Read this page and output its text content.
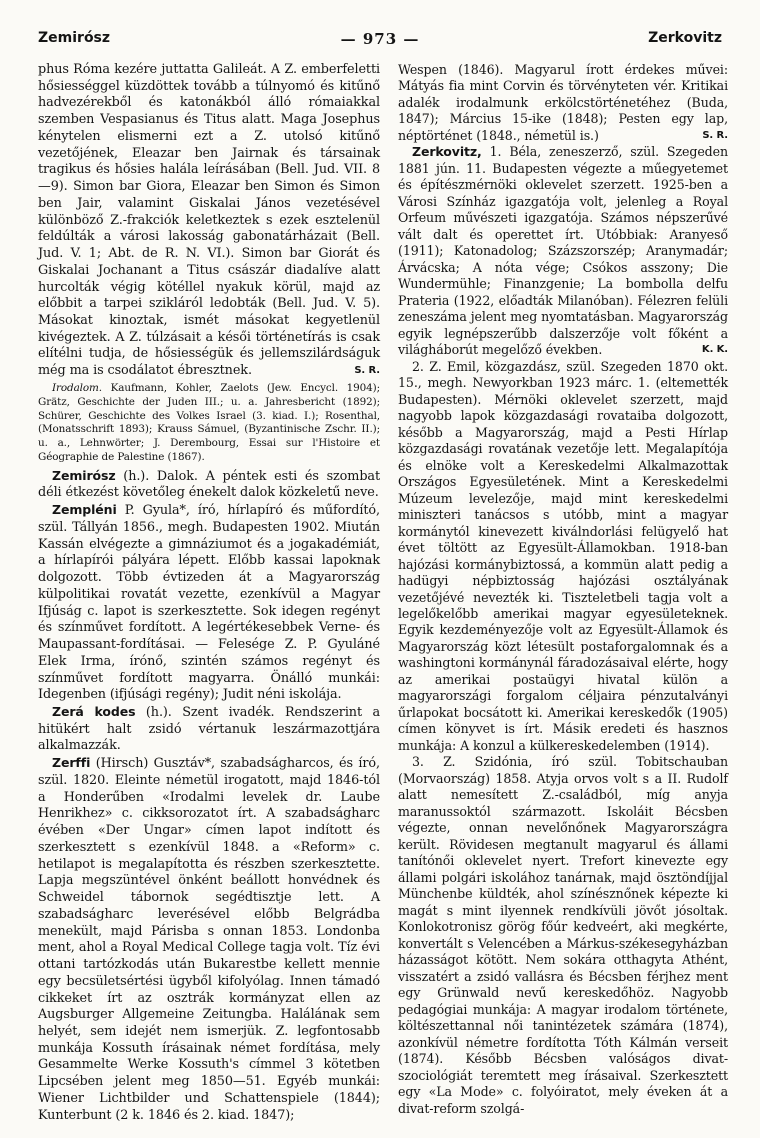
Zemirósz	— 973 —	Zerkovitz

phus Róma kezére juttatta Galileát. A Z. emberfeletti hősiességgel küzdöttek tovább a túlnyomó és kitűnő hadvezérekből és katonákból álló rómaiakkal szemben Vespasianus és Titus alatt. Maga Josephus kénytelen elismerni ezt a Z. utolsó kitűnő vezetőjének, Eleazar ben Jairnak és társainak tragikus és hősies halála leírásában (Bell. Jud. VII. 8—9). Simon bar Giora, Eleazar ben Simon és Simon ben Jair, valamint Giskalai János vezetésével különböző Z.-frakciók keletkeztek s ezek esztelenül feldúlták a városi lakosság gabonatárházait (Bell. Jud. V. 1; Abt. de R. N. VI.). Simon bar Giorát és Giskalai Jochanant a Titus császár diadalíve alatt hurcolták végig kötéllel nyakuk körül, majd az előbbit a tarpei szikláról ledobták (Bell. Jud. V. 5). Másokat kinoztak, ismét másokat kegyetlenül kivégeztek. A Z. túlzásait a késői történetírás is csak elítélni tudja, de hősiességük és jellemszilárdságuk még ma is csodálatot ébresztnek.	S. R.

Irodalom. Kaufmann, Kohler, Zaelots (Jew. Encycl. 1904); Grätz, Geschichte der Juden III.; u. a. Jahresbericht (1892); Schürer, Geschichte des Volkes Israel (3. kiad. I.); Rosenthal, (Monatsschrift 1893); Krauss Sámuel, (Byzantinische Zschr. II.); u. a., Lehnwörter; J. Derembourg, Essai sur l'Histoire et Géographie de Palestine (1867).

Zemirósz (h.). Dalok. A péntek esti és szombat déli étkezést követőleg énekelt dalok közkeletű neve.

Zempléni P. Gyula*, író, hírlapíró és műfordító, szül. Tállyán 1856., megh. Budapesten 1902. Miután Kassán elvégezte a gimnáziumot és a jogakadémiát, a hírlapírói pályára lépett. Előbb kassai lapoknak dolgozott. Több évtizeden át a Magyarország külpolitikai rovatát vezette, ezenkívül a Magyar Ifjúság c. lapot is szerkesztette. Sok idegen regényt és színművet fordított. A legértékesebbek Verne- és Maupassant-fordításai. — Felesége Z. P. Gyuláné Elek Irma, írónő, szintén számos regényt és színművet fordított magyarra. Önálló munkái: Idegenben (ifjúsági regény); Judit néni iskolája.

Zerá kodes (h.). Szent ivadék. Rendszerint a hitükért halt zsidó vértanuk leszármazottjára alkalmazzák.

Zerffi (Hirsch) Gusztáv*, szabadságharcos, és író, szül. 1820. Eleinte németül irogatott, majd 1846-tól a Honderűben «Irodalmi levelek dr. Laube Henrikhez» c. cikksorozatot írt. A szabadságharc évében «Der Ungar» címen lapot indított és szerkesztett s ezenkívül 1848. a «Reform» c. hetilapot is megalapította és részben szerkesztette. Lapja megszüntével önként beállott honvédnek és Schweidel tábornok segédtisztje lett. A szabadságharc leverésével előbb Belgrádba menekült, majd Párisba s onnan 1853. Londonba ment, ahol a Royal Medical College tagja volt. Tíz évi ottani tartózkodás után Bukarestbe kellett mennie egy becsületsértési ügyből kifolyólag. Innen támadó cikkeket írt az osztrák kormányzat ellen az Augsburger Allgemeine Zeitungba. Halálának sem helyét, sem idejét nem ismerjük. Z. legfontosabb munkája Kossuth írásainak német fordítása, mely Gesammelte Werke Kossuth's címmel 3 kötetben Lipcsében jelent meg 1850—51. Egyéb munkái: Wiener Lichtbilder und Schattenspiele (1844); Kunterbunt (2 k. 1846 és 2. kiad. 1847);

Wespen (1846). Magyarul írott érdekes művei: Mátyás fia mint Corvin és törvényteten vér. Kritikai adalék irodalmunk erkölcstörténetéhez (Buda, 1847); Március 15-ike (1848); Pesten egy lap, néptörténet (1848., németül is.)	S. R.

Zerkovitz, 1. Béla, zeneszerző, szül. Szegeden 1881 jún. 11. Budapesten végezte a műegyetemet és építészmérnöki oklevelet szerzett. 1925-ben a Városi Színház igazgatója volt, jelenleg a Royal Orfeum művészeti igazgatója. Számos népszerűvé vált dalt és operettet írt. Utóbbiak: Aranyeső (1911); Katonadolog; Százszorszép; Aranymadár; Árvácska; A nóta vége; Csókos asszony; Die Wundermühle; Finanzgenie; La bombolla delfu Prateria (1922, előadták Milanóban). Félezren felüli zeneszáma jelent meg nyomtatásban. Magyarország egyik legnépszerűbb dalszerzője volt főként a világháborút megelőző években.	K. K.

2. Z. Emil, közgazdász, szül. Szegeden 1870 okt. 15., megh. Newyorkban 1923 márc. 1. (eltemették Budapesten). Mérnöki oklevelet szerzett, majd nagyobb lapok közgazdasági rovataiba dolgozott, később a Magyarország, majd a Pesti Hírlap közgazdasági rovatának vezetője lett. Megalapítója és elnöke volt a Kereskedelmi Alkalmazottak Országos Egyesületének. Mint a Kereskedelmi Múzeum levelezője, majd mint kereskedelmi miniszteri tanácsos s utóbb, mint a magyar kormánytól kinevezett kiválndorlási felügyelő hat évet töltött az Egyesült-Államokban. 1918-ban hajózási kormánybiztossá, a kommün alatt pedig a hadügyi népbiztosság hajózási osztályának vezetőjévé nevezték ki. Tiszteletbeli tagja volt a legelőkelőbb amerikai magyar egyesületeknek. Egyik kezdeményezője volt az Egyesült-Államok és Magyarország közt létesült postaforgalomnak és a washingtoni kormánynál fáradozásaival elérte, hogy az amerikai postaügyi hivatal külön a magyarországi forgalom céljaira pénzutalványi űrlapokat bocsátott ki. Amerikai kereskedők (1905) címen könyvet is írt. Másik eredeti és hasznos munkája: A konzul a külkereskedelemben (1914).

3. Z. Szidónia, író szül. Tobitschauban (Morvaország) 1858. Atyja orvos volt s a II. Rudolf alatt nemesített Z.-családból, míg anyja maranussoktól származott. Iskoláit Bécsben végezte, onnan nevelőnőnek Magyarországra került. Rövidesen megtanult magyarul és állami tanítónői oklevelet nyert. Trefort kinevezte egy állami polgári iskolához tanárnak, majd ösztöndíjjal Münchenbe küldték, ahol színésznőnek képezte ki magát s mint ilyennek rendkívüli jövőt jósoltak. Konlokotronisz görög főúr kedveért, aki megkérte, konvertált s Velencében a Márkus-székesegyházban házasságot kötött. Nem sokára otthagyta Athént, visszatért a zsidó vallásra és Bécsben férjhez ment egy Grünwald nevű kereskedőhöz. Nagyobb pedagógiai munkája: A magyar irodalom története, költészettannal női tanintézetek számára (1874), azonkívül németre fordította Tóth Kálmán verseit (1874). Később Bécsben valóságos divat-szociológiát teremtett meg írásaival. Szerkesztett egy «La Mode» c. folyóiratot, mely éveken át a divat-reform szolgá-
